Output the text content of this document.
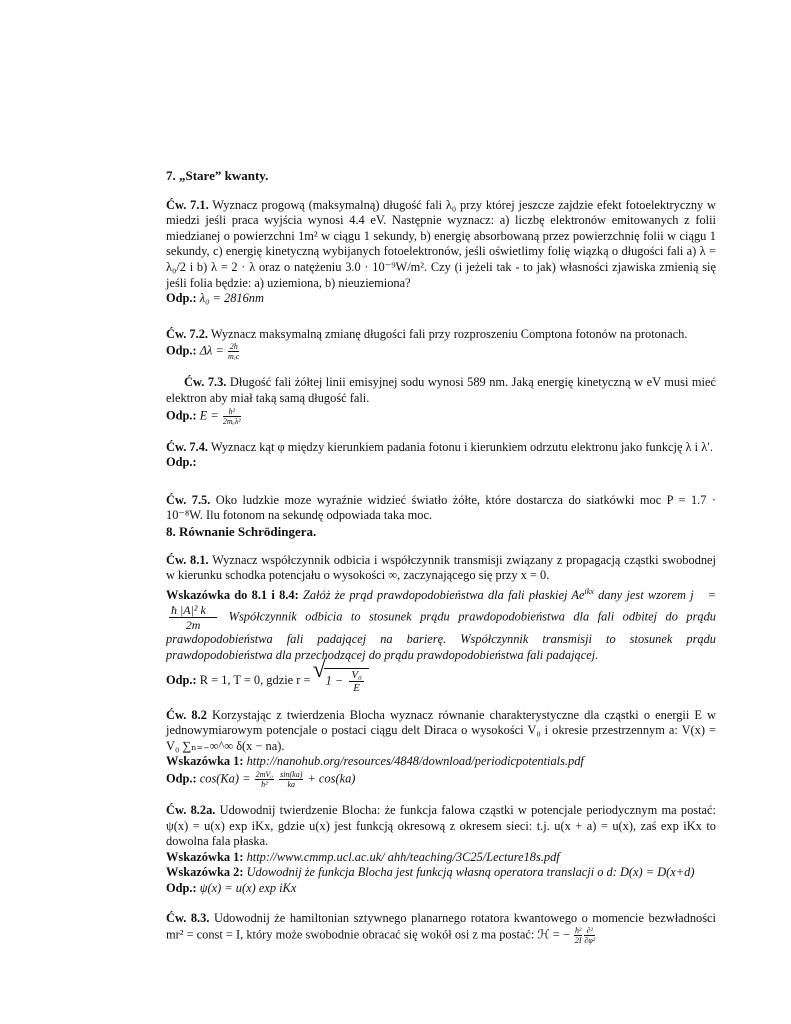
7. „Stare” kwanty.

Ćw. 7.1. Wyznacz progową (maksymalną) długość fali λ₀ przy której jeszcze zajdzie efekt fotoelektryczny w miedzi jeśli praca wyjścia wynosi 4.4 eV. Następnie wyznacz: a) liczbę elektronów emitowanych z folii miedzianej o powierzchni 1m² w ciągu 1 sekundy, b) energię absorbowaną przez powierzchnię folii w ciągu 1 sekundy, c) energię kinetyczną wybijanych fotoelektronów, jeśli oświetlimy folię wiązką o długości fali a) λ = λ₀/2 i b) λ = 2 · λ oraz o natężeniu 3.0 · 10⁻⁹W/m². Czy (i jeżeli tak - to jak) własności zjawiska zmienią się jeśli folia będzie: a) uziemiona, b) nieuziemiona?

Odp.: λ₀ = 2816nm

Ćw. 7.2. Wyznacz maksymalną zmianę długości fali przy rozproszeniu Comptona fotonów na protonach.

Odp.: $\Delta\lambda = \frac{2h}{\text{mₑc}}$

Ćw. 7.3. Długość fali żółtej linii emisyjnej sodu wynosi 589 nm. Jaką energię kinetyczną w eV musi mieć elektron aby miał taką samą długość fali.

Odp.: $E = \frac{\text{h²}}{\text{2mₑλ²}}$

Ćw. 7.4. Wyznacz kąt φ między kierunkiem padania fotonu i kierunkiem odrzutu elektronu jako funkcję λ i λ′.

Odp.:

Ćw. 7.5. Oko ludzkie moze wyraźnie widzieć światło żółte, które dostarcza do siatkówki moc P = 1.7 · 10⁻⁸W. Ilu fotonom na sekundę odpowiada taka moc.

8. Równanie Schrödingera.

Ćw. 8.1. Wyznacz współczynnik odbicia i współczynnik transmisji związany z propagacją cząstki swobodnej w kierunku schodka potencjału o wysokości ∞, zaczynającego się przy x = 0.

Wskazówka do 8.1 i 8.4: Załóż że prąd prawdopodobieństwa dla fali płaskiej $Ae^{ikx}$ dany jest wzorem j⃗ =
$\frac{\text{ħ |A|² k⃗}}{2m}$ Współczynnik odbicia to stosunek prądu prawdopodobieństwa dla fali odbitej do prądu prawdopodobieństwa fali padającej na barierę. Współczynnik transmisji to stosunek prądu prawdopodobieństwa dla przechodzącej do prądu prawdopodobieństwa fali padającej.

Odp.: R = 1, T = 0, gdzie r = √ $1 - \frac{\text{V₀}}{E}$

Ćw. 8.2 Korzystając z twierdzenia Blocha wyznacz równanie charakterystyczne dla cząstki o energii E w jednowymiarowym potencjale o postaci ciągu delt Diraca o wysokości V₀ i okresie przestrzennym a: V(x) = V₀ ∑ₙ₌₋∞^∞ δ(x − na).

Wskazówka 1: http://nanohub.org/resources/4848/download/periodicpotentials.pdf
Odp.: $\cos(Ka) = \frac{\text{2mV₀}}{\text{ħ²}}$
$\frac{\sin(ka)}{ka} + \cos(ka)$

Ćw. 8.2a. Udowodnij twierdzenie Blocha: że funkcja falowa cząstki w potencjale periodycznym ma postać: ψ(x) = u(x) exp iKx, gdzie u(x) jest funkcją okresową z okresem sieci: t.j. u(x + a) = u(x), zaś exp iKx to dowolna fala płaska.

Wskazówka 1: http://www.cmmp.ucl.ac.uk/ ahh/teaching/3C25/Lecture18s.pdf
Wskazówka 2: Udowodnij że funkcja Blocha jest funkcją własną operatora translacji o d: D(x) = D(x+d)
Odp.: ψ(x) = u(x) exp iKx

Ćw. 8.3. Udowodnij że hamiltonian sztywnego planarnego rotatora kwantowego o momencie bezwładności mr² = const = I, który może swobodnie obracać się wokół osi z ma postać: ℋ = − $\frac{\text{ħ²}}{2I} \frac{\text{∂²}}{\text{∂φ²}}$
